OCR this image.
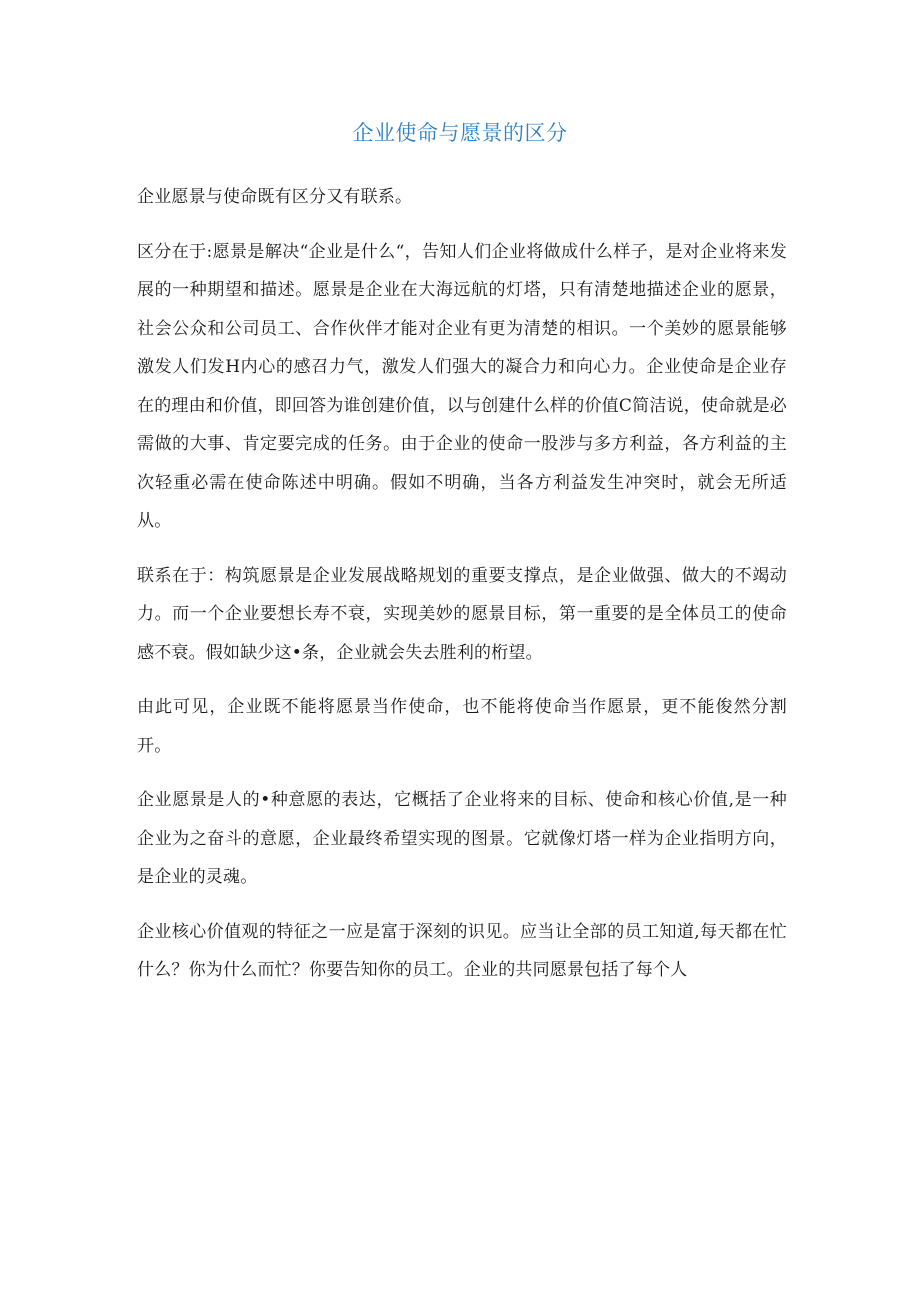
企业使命与愿景的区分

企业愿景与使命既有区分又有联系。

区分在于:愿景是解决“企业是什么“，告知人们企业将做成什么样子，是对企业将来发展的一种期望和描述。愿景是企业在大海远航的灯塔，只有清楚地描述企业的愿景，社会公众和公司员工、合作伙伴才能对企业有更为清楚的相识。一个美妙的愿景能够激发人们发H内心的感召力气，激发人们强大的凝合力和向心力。企业使命是企业存在的理由和价值，即回答为谁创建价值，以与创建什么样的价值C简洁说，使命就是必需做的大事、肯定要完成的任务。由于企业的使命一股涉与多方利益，各方利益的主次轻重必需在使命陈述中明确。假如不明确，当各方利益发生冲突时，就会无所适从。

联系在于：构筑愿景是企业发展战略规划的重要支撑点，是企业做强、做大的不竭动力。而一个企业要想长寿不衰，实现美妙的愿景目标，第一重要的是全体员工的使命感不衰。假如缺少这•条，企业就会失去胜利的桁望。

由此可见，企业既不能将愿景当作使命，也不能将使命当作愿景，更不能俊然分割开。

企业愿景是人的•种意愿的表达，它概括了企业将来的目标、使命和核心价值,是一种企业为之奋斗的意愿，企业最终希望实现的图景。它就像灯塔一样为企业指明方向，是企业的灵魂。

企业核心价值观的特征之一应是富于深刻的识见。应当让全部的员工知道,每天都在忙什么？你为什么而忙？你要告知你的员工。企业的共同愿景包括了每个人
